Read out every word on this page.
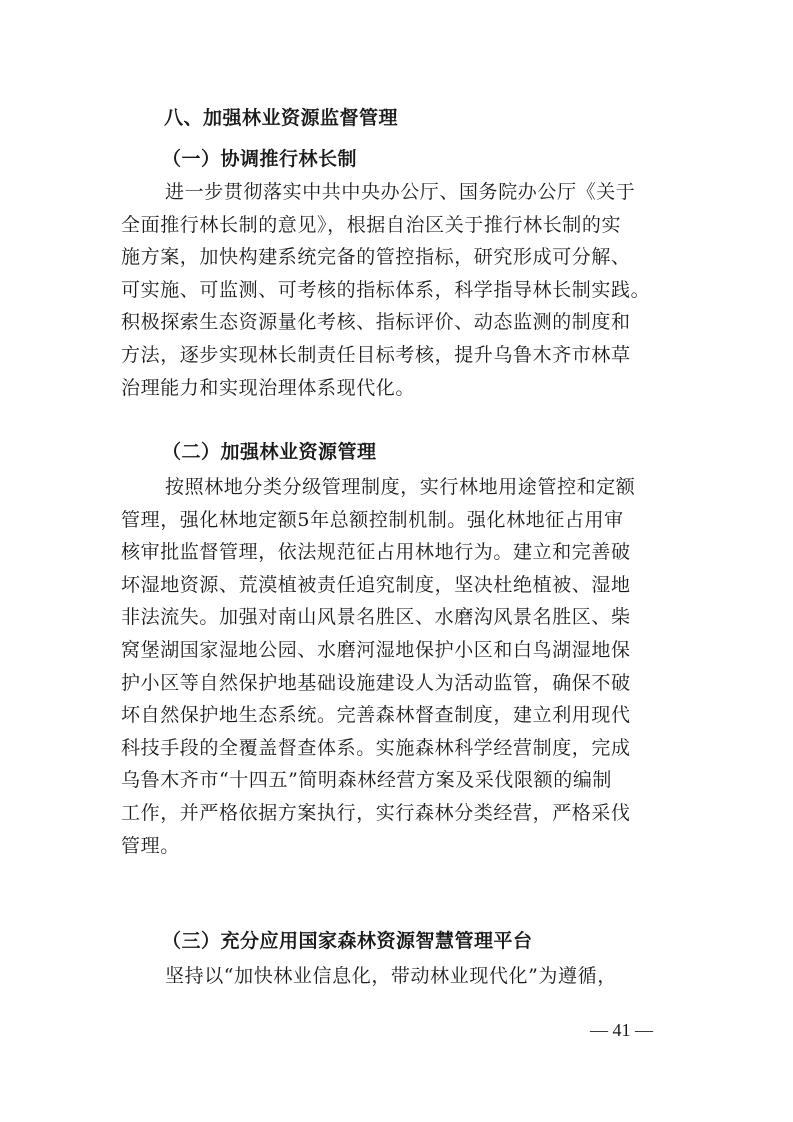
八、加强林业资源监督管理
（一）协调推行林长制
进一步贯彻落实中共中央办公厅、国务院办公厅《关于
全面推行林长制的意见》，根据自治区关于推行林长制的实
施方案，加快构建系统完备的管控指标，研究形成可分解、
可实施、可监测、可考核的指标体系，科学指导林长制实践。
积极探索生态资源量化考核、指标评价、动态监测的制度和
方法，逐步实现林长制责任目标考核，提升乌鲁木齐市林草
治理能力和实现治理体系现代化。
（二）加强林业资源管理
按照林地分类分级管理制度，实行林地用途管控和定额
管理，强化林地定额5年总额控制机制。强化林地征占用审
核审批监督管理，依法规范征占用林地行为。建立和完善破
坏湿地资源、荒漠植被责任追究制度，坚决杜绝植被、湿地
非法流失。加强对南山风景名胜区、水磨沟风景名胜区、柴
窝堡湖国家湿地公园、水磨河湿地保护小区和白鸟湖湿地保
护小区等自然保护地基础设施建设人为活动监管，确保不破
坏自然保护地生态系统。完善森林督查制度，建立利用现代
科技手段的全覆盖督查体系。实施森林科学经营制度，完成
乌鲁木齐市“十四五”简明森林经营方案及采伐限额的编制
工作，并严格依据方案执行，实行森林分类经营，严格采伐
管理。
（三）充分应用国家森林资源智慧管理平台
坚持以“加快林业信息化，带动林业现代化”为遵循，
— 41 —
